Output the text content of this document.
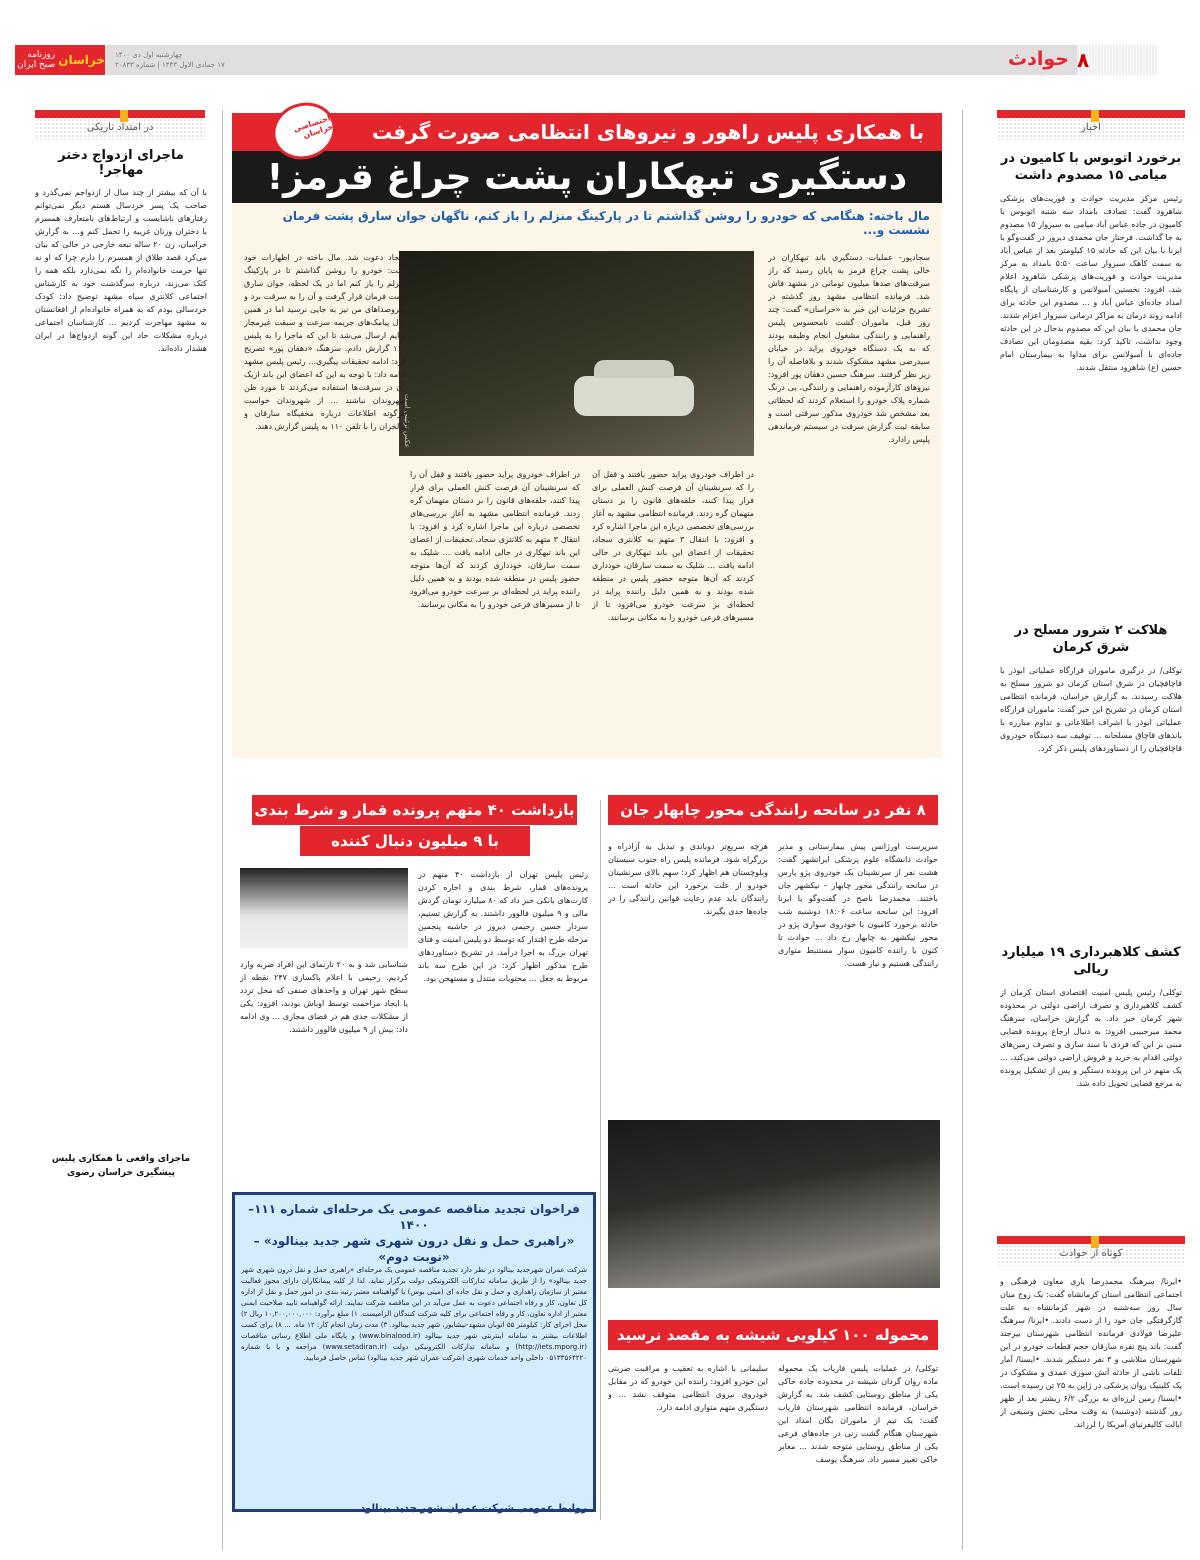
۸
حوادث
چهارشنبه اول دی ۱۴۰۰
۱۷ جمادی الاول ۱۴۴۳ | شماره ۲۰۸۳۳
خراسان
روزنامه صبح ایران
اخبار
برخورد اتوبوس با کامیون در میامی ۱۵ مصدوم داشت
رئیس مرکز مدیریت حوادث و فوریت‌های پزشکی شاهرود گفت: تصادف بامداد سه شنبه اتوبوس با کامیون در جاده عباس آباد میامی به سبزوار ۱۵ مصدوم به جا گذاشت. فرحناز جان محمدی دیروز در گفت‌وگو با ایرنا با بیان این که حادثه ۱۵ کیلومتر بعد از عباس آباد به سمت کاهک سبزوار ساعت ۵:۵۰ بامداد به مرکز مدیریت حوادث و فوریت‌های پزشکی شاهرود اعلام شد، افزود: نخستین آمبولانس و کارشناسان از پایگاه امداد جاده‌ای عباس آباد و ... مصدوم این حادثه برای ادامه روند درمان به مراکز درمانی سبزوار اعزام شدند. جان محمدی با بیان این که مصدوم بدحال در این حادثه وجود نداشت، تاکید کرد: بقیه مصدومان این تصادف جاده‌ای با آمبولانس برای مداوا به بیمارستان امام حسین (ع) شاهرود منتقل شدند.
هلاکت ۲ شرور مسلح در شرق کرمان
توکلی/ در درگیری ماموران قرارگاه عملیاتی ابوذر با قاچاقچیان در شرق استان کرمان دو شرور مسلح به هلاکت رسیدند. به گزارش خراسان، فرمانده انتظامی استان کرمان در تشریح این خبر گفت: ماموران قرارگاه عملیاتی ابوذر با اشراف اطلاعاتی و تداوم مبارزه با باندهای قاچاق مسلحانه ... توقیف سه دستگاه خودروی قاچاقچیان را از دستاوردهای پلیس ذکر کرد.
کشف کلاهبرداری ۱۹ میلیارد ریالی
توکلی/ رئیس پلیس امنیت اقتصادی استان کرمان از کشف کلاهبرداری و تصرف اراضی دولتی در محدوده شهر کرمان خبر داد. به گزارش خراسان، سرهنگ محمد میرحبیبی افزود: به دنبال ارجاع پرونده قضایی مبنی بر این که فردی با سند سازی و تصرف زمین‌های دولتی اقدام به خرید و فروش اراضی دولتی می‌کند، ... یک متهم در این پرونده دستگیر و پس از تشکیل پرونده به مرجع قضایی تحویل داده شد.
کوتاه از حوادث
•ایرنا/ سرهنگ محمدرضا یاری معاون فرهنگی و اجتماعی انتظامی استان کرمانشاه گفت: یک زوج میان سال روز سه‌شنبه در شهر کرمانشاه به علت گازگرفتگی جان خود را از دست دادند. •ایرنا/ سرهنگ علیرضا فولادی فرمانده انتظامی شهرستان بیرجند گفت: باند پنج نفره سارقان حجم قطعات خودرو در این شهرستان متلاشی و ۳ نفر دستگیر شدند. •ایسنا/ آمار تلفات ناشی از حادثه آتش سوزی عمدی و مشکوک در یک کلینیک روان پزشکی در ژاپن به ۲۵ تن رسیده است. •ایسنا/ زمین لرزه‌ای به بزرگی ۶/۲ ریشتر بعد از ظهر روز گذشته (دوشنبه) به وقت محلی بخش وسیعی از ایالت کالیفرنیای آمریکا را لرزاند.
در امتداد تاریکی
ماجرای ازدواج دختر مهاجر!
با آن که بیشتر از چند سال از ازدواجم نمی‌گذرد و صاحب یک پسر خردسال هستم دیگر نمی‌توانم رفتارهای ناشایست و ارتباط‌های نامتعارف همسرم با دختران وزنان غریبه را تحمل کنم و... به گزارش خراسان، زن ۲۰ ساله تبعه خارجی در حالی که بیان می‌کرد قصد طلاق از همسرم را دارم چرا که او نه تنها حرمت خانواده‌ام را نگه نمی‌دارد بلکه همه را کتک می‌زند، درباره سرگذشت خود به کارشناس اجتماعی کلانتری سیاه مشهد توضیح داد: کودک خردسالی بودم که به همراه خانواده‌ام از افغانستان به مشهد مهاجرت کردیم ... کارشناسان اجتماعی درباره مشکلات حاد این گونه ازدواج‌ها در ایران هشدار داده‌اند.
ماجرای واقعی با همکاری پلیس پیشگیری خراسان رضوی
با همکاری پلیس راهور و نیروهای انتظامی صورت گرفت
اختصاصی خراسان
دستگیری تبهکاران پشت چراغ قرمز!
مال باخته: هنگامی که خودرو را روشن گذاشتم تا در پارکینگ منزلم را باز کنم، ناگهان جوان سارق پشت فرمان نشست و...
سجادپور- عملیات دستگیری باند تبهکاران در حالی پشت چراغ قرمز به پایان رسید که راز سرقت‌های صدها میلیون تومانی در مشهد فاش شد. فرمانده انتظامی مشهد روز گذشته در تشریح جزئیات این خبر به «خراسان» گفت: چند روز قبل، ماموران گشت نامحسوس پلیس راهنمایی و رانندگی مشغول انجام وظیفه بودند که به یک دستگاه خودروی پراید در خیابان سیدرضی مشهد مشکوک شدند و بلافاصله آن را زیر نظر گرفتند. سرهنگ حسین دهقان پور افزود: نیروهای کارآزموده راهنمایی و رانندگی، بی درنگ شماره پلاک خودرو را استعلام کردند که لحظاتی بعد مشخص شد خودروی مذکور سرقتی است و سابقه ثبت گزارش سرقت در سیستم فرماندهی پلیس رادارد.
عکس تزئینی است
در اطراف خودروی پراید حضور یافتند و قفل آن را که سرنشینان آن فرصت کنش العملی برای فرار پیدا کنند، حلقه‌های قانون را بر دستان متهمان گره زدند. فرمانده انتظامی مشهد به آغاز بررسی‌های تخصصی درباره این ماجرا اشاره کرد و افزود: با انتقال ۳ متهم به کلانتری سجاد، تحقیقات از اعضای این باند تبهکاری در حالی ادامه یافت ... شلیک به سمت سارقان، خودداری کردند که آن‌ها متوجه حضور پلیس در منطقه شده بودند و به همین دلیل راننده پراید در لحظه‌ای بر سرعت خودرو می‌افزود تا از مسیرهای فرعی خودرو را به مکانی برسانند.
در اطراف خودروی پراید حضور یافتند و قفل آن را که سرنشینان آن فرصت کنش العملی برای فرار پیدا کنند، حلقه‌های قانون را بر دستان متهمان گره زدند. فرمانده انتظامی مشهد به آغاز بررسی‌های تخصصی درباره این ماجرا اشاره کرد و افزود: با انتقال ۳ متهم به کلانتری سجاد، تحقیقات از اعضای این باند تبهکاری در حالی ادامه یافت ... شلیک به سمت سارقان، خودداری کردند که آن‌ها متوجه حضور پلیس در منطقه شده بودند و به همین دلیل راننده پراید در لحظه‌ای بر سرعت خودرو می‌افزود تا از مسیرهای فرعی خودرو را به مکانی برسانند.
سجاد دعوت شد. مال باخته در اظهارات خود گفت: خودرو را روشن گذاشتم تا در پارکینگ منزلم را باز کنم اما در یک لحظه، جوان سارق پشت فرمان قرار گرفت و آن را به سرقت برد و سروصداهای من نیز به جایی نرسید اما در همین حال پیامک‌های جریمه سرعت و سبقت غیرمجاز برایم ارسال می‌شد تا این که ماجرا را به پلیس ۱۱۰ گزارش دادم. سرهنگ «دهقان پور» تصریح کرد: ادامه تحقیقات پیگیری... رئیس پلیس مشهد ادامه داد: با توجه به این که اعضای این باند ازیک زن در سرقت‌ها استفاده می‌کردند تا مورد ظن شهروندان نباشند ... از شهروندان خواست هرگونه اطلاعات درباره مخفیگاه سارقان و مالخران را با تلفن ۱۱۰ به پلیس گزارش دهند.
۸ نفر در سانحه رانندگی محور چابهار جان باختند
سرپرست اورژانس پیش بیمارستانی و مدیر حوادث دانشگاه علوم پزشکی ایرانشهر گفت: هشت نفر از سرنشینان یک خودروی پژو پارس در سانحه رانندگی محور چابهار – نیکشهر جان باختند. محمدرضا ناصح در گفت‌وگو با ایرنا افزود: این سانحه ساعت ۱۸:۰۶ دوشنبه شب حادثه برخورد کامیون با خودروی سواری پژو در محور نیکشهر به چابهار رخ داد ... حوادث تا کنون با راننده کامیون سوار مستنبط متواری رانندگی هستیم و نیاز هست.
هرچه سریع‌تر دوباندی و تبدیل به آزادراه و بزرگراه شود. فرمانده پلیس راه جنوب سیستان وبلوچستان هم اظهار کرد: سهم بالای سرنشینان خودرو از علت برخورد این حادثه است ... رانندگان باید عدم رعایت قوانین رانندگی را در جاده‌ها جدی بگیرند.
بازداشت ۴۰ متهم پرونده قمار و شرط بندی
با ۹ میلیون دنبال کننده
رئیس پلیس تهران از بازداشت ۴۰ متهم در پرونده‌های قمار، شرط بندی و اجاره کردن کارت‌های بانکی خبر داد که ۸۰ میلیارد تومان گردش مالی و ۹ میلیون فالوور داشتند. به گزارش تسنیم، سردار حسین رحیمی دیروز در حاشیه پنجمین مرحله طرح اقتدار که توسط دو پلیس امنیت و فتای تهران بزرگ به اجرا درآمد، در تشریح دستاوردهای طرح مذکور اظهار کرد: در این طرح سه باند مربوط به جعل ... محتویات منتدل و مستهجن بود.
شناسایی شد و به ۲۰ تارنمای این افراد ضربه وارد کردیم. رحیمی با اعلام پاکسازی ۲۴۷ نقطه از سطح شهر تهران و واحدهای صنفی که محل تردد یا ایجاد مزاحمت توسط اوباش بودند، افزود: یکی از مشکلات جدی هم در فضای مجازی ... وی ادامه داد: بیش از ۹ میلیون فالوور داشتند.
محموله ۱۰۰ کیلویی شیشه به مقصد نرسید
توکلی/ در عملیات پلیس فاریاب یک محموله ماده روان گردان شیشه در محدوده جاده خاکی یکی از مناطق روستایی کشف شد. به گزارش خراسان، فرمانده انتظامی شهرستان فاریاب گفت: یک تیم از ماموران یگان امداد این شهرستان هنگام گشت زنی در جاده‌های فرعی یکی از مناطق روستایی متوجه شدند ... معابر خاکی تغییر مسیر داد. سرهنگ یوسف
سلیمانی با اشاره به تعقیب و مراقبت ضربتی این خودرو افزود: راننده این خودرو که در مقابل خودروی نیروی انتظامی متوقف نشد ... و دستگیری متهم متواری ادامه دارد.
فراخوان تجدید مناقصه عمومی یک مرحله‌ای شماره ۱۱۱–۱۴۰۰
«راهبری حمل و نقل درون شهری شهر جدید بینالود» – «نوبت دوم»
شرکت عمران شهرجدید بینالود در نظر دارد تجدید مناقصه عمومی یک مرحله‌ای «راهبری حمل و نقل درون شهری شهر جدید بینالود» را از طریق سامانه تدارکات الکترونیکی دولت برگزار نماید. لذا از کلیه پیمانکاران دارای مجوز فعالیت معتبر از سازمان راهداری و حمل و نقل جاده ای (مینی بوس) یا گواهینامه معتبر رتبه بندی در امور حمل و نقل از اداره کل تعاون، کار و رفاه اجتماعی دعوت به عمل می‌آید در این مناقصه شرکت نمایند. ارائه گواهینامه تایید صلاحیت ایمنی معتبر از اداره تعاون، کار و رفاه اجتماعی برای کلیه شرکت کنندگان الزامیست. ۱) مبلغ برآورد: ۱۰,۲۰۰,۰۰۰,۰۰۰ ریال ۲) محل اجرای کار: کیلومتر ۵۵ اتوبان مشهد-نیشابور، شهر جدید بینالود. ۳) مدت زمان انجام کار: ۱۲ ماه. ... ۸) برای کسب اطلاعات بیشتر به سامانه اینترنتی شهر جدید بینالود (www.binalood.ir) و پایگاه ملی اطلاع رسانی مناقصات (http://iets.mporg.ir) و سامانه تدارکات الکترونیکی دولت (www.setadiran.ir) مراجعه و یا با شماره ۰۵۱۳۳۵۶۴۲۲۰ داخلی واحد خدمات شهری (شرکت عمران شهر جدید بینالود) تماس حاصل فرمایید.
روابط عمومی شرکت عمران شهر جدید بینالود
